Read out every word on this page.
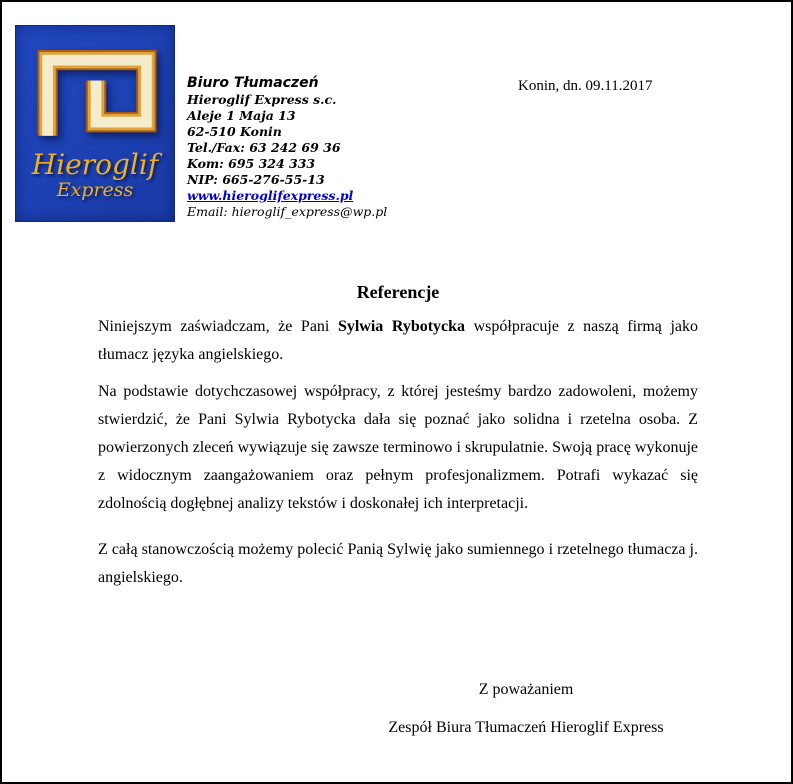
Hieroglif
Express
Biuro Tłumaczeń
Hieroglif Express s.c.
Aleje 1 Maja 13
62-510 Konin
Tel./Fax: 63 242 69 36
Kom: 695 324 333
NIP: 665-276-55-13
www.hieroglifexpress.pl
Email: hieroglif_express@wp.pl
Konin, dn. 09.11.2017
Referencje

Niniejszym zaświadczam, że Pani Sylwia Rybotycka współpracuje z naszą firmą jako tłumacz języka angielskiego.

Na podstawie dotychczasowej współpracy, z której jesteśmy bardzo zadowoleni, możemy stwierdzić, że Pani Sylwia Rybotycka dała się poznać jako solidna i rzetelna osoba. Z powierzonych zleceń wywiązuje się zawsze terminowo i skrupulatnie. Swoją pracę wykonuje z widocznym zaangażowaniem oraz pełnym profesjonalizmem. Potrafi wykazać się zdolnością dogłębnej analizy tekstów i doskonałej ich interpretacji.

Z całą stanowczością możemy polecić Panią Sylwię jako sumiennego i rzetelnego tłumacza j. angielskiego.

Z poważaniem
Zespół Biura Tłumaczeń Hieroglif Express
